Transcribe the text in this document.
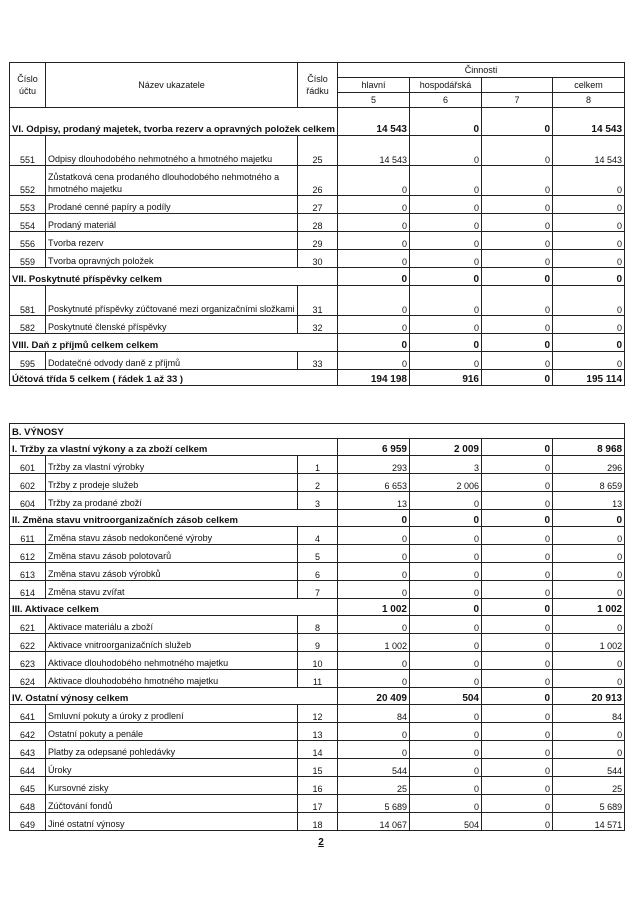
Číslo účtu	Název ukazatele	Číslo řádku	Činnosti			
			hlavní	hospodářská		celkem
			5	6	7	8
VI. Odpisy, prodaný majetek, tvorba rezerv a opravných položek celkem			14 543	0	0	14 543
551	Odpisy dlouhodobého nehmotného a hmotného majetku	25	14 543	0	0	14 543
552	Zůstatková cena prodaného dlouhodobého nehmotného a hmotného majetku	26	0	0	0	0
553	Prodané cenné papíry a podíly	27	0	0	0	0
554	Prodaný materiál	28	0	0	0	0
556	Tvorba rezerv	29	0	0	0	0
559	Tvorba opravných položek	30	0	0	0	0
VII. Poskytnuté příspěvky celkem			0	0	0	0
581	Poskytnuté příspěvky zúčtované mezi organizačními složkami	31	0	0	0	0
582	Poskytnuté členské příspěvky	32	0	0	0	0
VIII. Daň z příjmů celkem celkem			0	0	0	0
595	Dodatečné odvody daně z příjmů	33	0	0	0	0
Účtová třída 5 celkem ( řádek 1 až 33 )			194 198	916	0	195 114
B. VÝNOSY						
I. Tržby za vlastní výkony a za zboží celkem			6 959	2 009	0	8 968
601	Tržby za vlastní výrobky	1	293	3	0	296
602	Tržby z prodeje služeb	2	6 653	2 006	0	8 659
604	Tržby za prodané zboží	3	13	0	0	13
II. Změna stavu vnitroorganizačních zásob celkem			0	0	0	0
611	Změna stavu zásob nedokončené výroby	4	0	0	0	0
612	Změna stavu zásob polotovarů	5	0	0	0	0
613	Změna stavu zásob výrobků	6	0	0	0	0
614	Změna stavu zvířat	7	0	0	0	0
III. Aktivace celkem			1 002	0	0	1 002
621	Aktivace materiálu a zboží	8	0	0	0	0
622	Aktivace vnitroorganizačních služeb	9	1 002	0	0	1 002
623	Aktivace dlouhodobého nehmotného majetku	10	0	0	0	0
624	Aktivace dlouhodobého hmotného majetku	11	0	0	0	0
IV. Ostatní výnosy celkem			20 409	504	0	20 913
641	Smluvní pokuty a úroky z prodlení	12	84	0	0	84
642	Ostatní pokuty a penále	13	0	0	0	0
643	Platby za odepsané pohledávky	14	0	0	0	0
644	Úroky	15	544	0	0	544
645	Kursovné zisky	16	25	0	0	25
648	Zúčtování fondů	17	5 689	0	0	5 689
649	Jiné ostatní výnosy	18	14 067	504	0	14 571
2
